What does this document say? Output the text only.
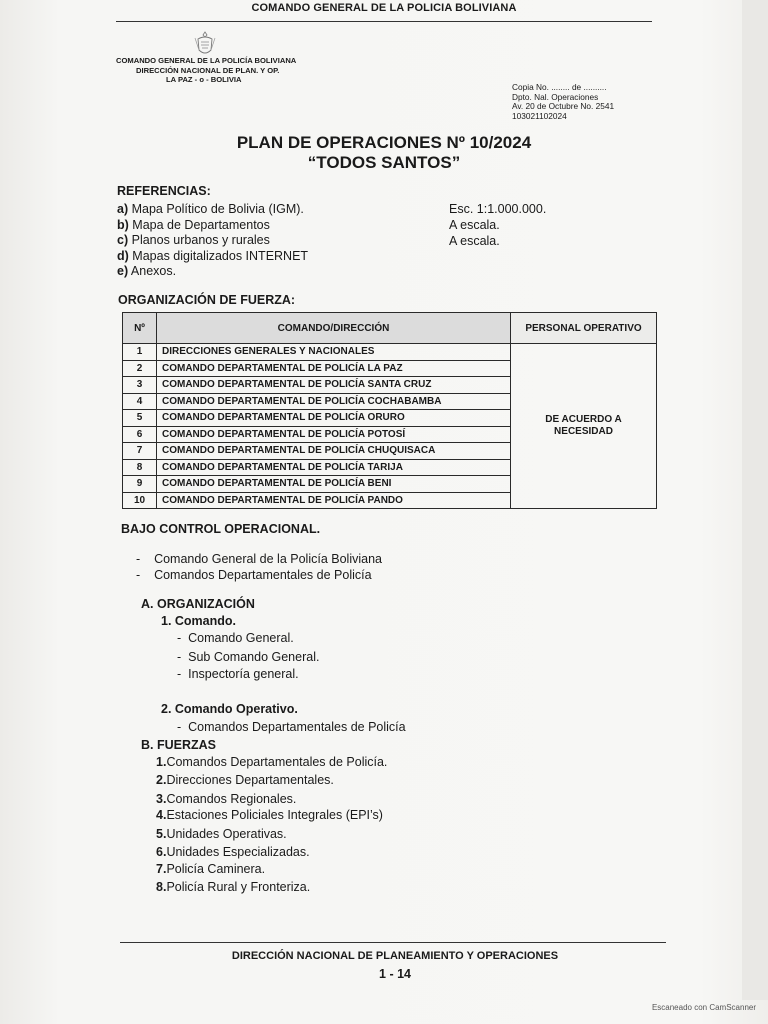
COMANDO GENERAL DE LA POLICIA BOLIVIANA
COMANDO GENERAL DE LA POLICÍA BOLIVIANA
DIRECCIÓN NACIONAL DE PLAN. Y OP.
LA PAZ - o - BOLIVIA
Copia No. ........ de ..........
Dpto. Nal. Operaciones
Av. 20 de Octubre No. 2541
103021102024
PLAN DE OPERACIONES Nº 10/2024
“TODOS SANTOS”
REFERENCIAS:
a) Mapa Político de Bolivia (IGM).
b) Mapa de Departamentos
c) Planos urbanos y rurales
d) Mapas digitalizados INTERNET
e) Anexos.
Esc. 1:1.000.000.
A escala.
A escala.
ORGANIZACIÓN DE FUERZA:
Nº	COMANDO/DIRECCIÓN	PERSONAL OPERATIVO
1	DIRECCIONES GENERALES Y NACIONALES	DE ACUERDO A
NECESIDAD

2	COMANDO DEPARTAMENTAL DE POLICÍA LA PAZ	
3	COMANDO DEPARTAMENTAL DE POLICÍA SANTA CRUZ	
4	COMANDO DEPARTAMENTAL DE POLICÍA COCHABAMBA	
5	COMANDO DEPARTAMENTAL DE POLICÍA ORURO	
6	COMANDO DEPARTAMENTAL DE POLICÍA POTOSÍ	
7	COMANDO DEPARTAMENTAL DE POLICÍA CHUQUISACA	
8	COMANDO DEPARTAMENTAL DE POLICÍA TARIJA	
9	COMANDO DEPARTAMENTAL DE POLICÍA BENI	
10	COMANDO DEPARTAMENTAL DE POLICÍA PANDO	
BAJO CONTROL OPERACIONAL.
-    Comando General de la Policía Boliviana
-    Comandos Departamentales de Policía
A. ORGANIZACIÓN
1. Comando.
-  Comando General.
-  Sub Comando General.
-  Inspectoría general.
2. Comando Operativo.
-  Comandos Departamentales de Policía
B. FUERZAS
1.Comandos Departamentales de Policía.
2.Direcciones Departamentales.
3.Comandos Regionales.
4.Estaciones Policiales Integrales (EPI’s)
5.Unidades Operativas.
6.Unidades Especializadas.
7.Policía Caminera.
8.Policía Rural y Fronteriza.
DIRECCIÓN NACIONAL DE PLANEAMIENTO Y OPERACIONES
1 - 14
Escaneado con CamScanner
